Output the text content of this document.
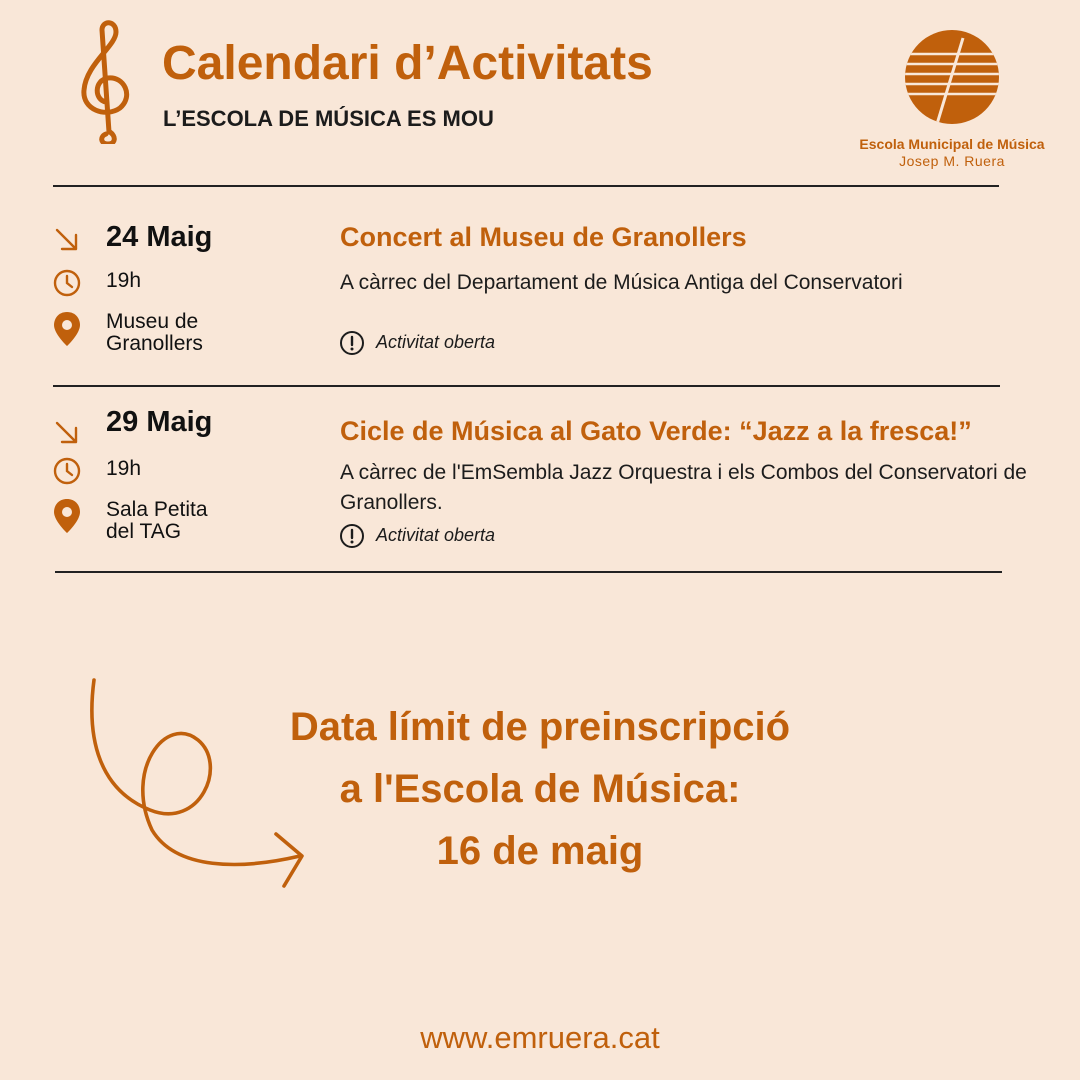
Calendari d’Activitats
L’ESCOLA DE MÚSICA ES MOU
Escola Municipal de Música
Josep M. Ruera
24 Maig
19h
Museu de
Granollers
Concert al Museu de Granollers
A càrrec del Departament de Música Antiga del Conservatori
Activitat oberta
29 Maig
19h
Sala Petita
del TAG
Cicle de Música al Gato Verde: “Jazz a la fresca!”
A càrrec de l'EmSembla Jazz Orquestra i els Combos del Conservatori de Granollers.
Activitat oberta
Data límit de preinscripció
a l'Escola de Música:
16 de maig
www.emruera.cat
